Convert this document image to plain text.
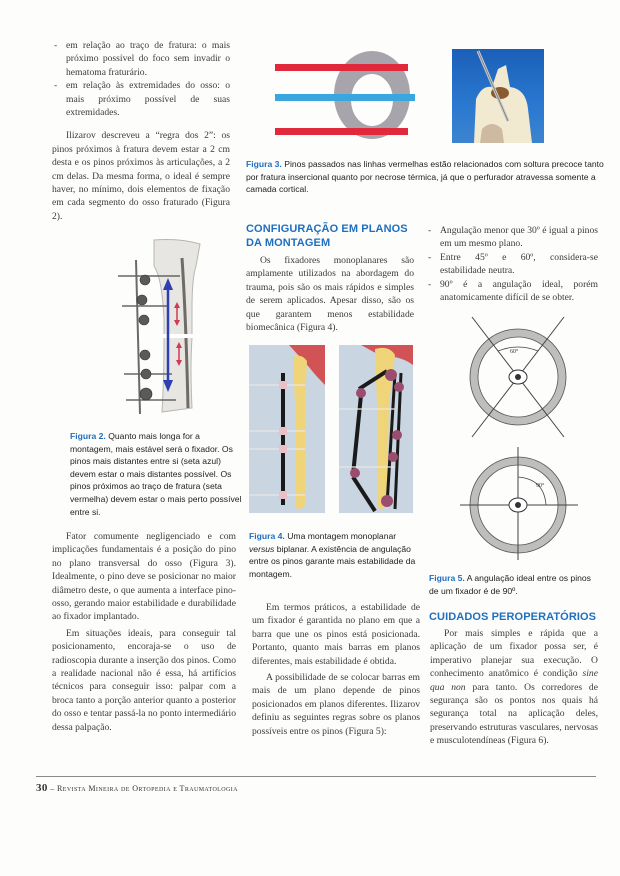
- em relação ao traço de fratura: o mais próximo possível do foco sem invadir o hematoma fraturário.
- em relação às extremidades do osso: o mais próximo possível de suas extremidades.

Ilizarov descreveu a “regra dos 2”: os pinos próximos à fratura devem estar a 2 cm desta e os pinos próximos às articulações, a 2 cm delas. Da mesma forma, o ideal é sempre haver, no mínimo, dois elementos de fixação em cada segmento do osso fraturado (Figura 2).

Figura 2. Quanto mais longa for a montagem, mais estável será o fixador. Os pinos mais distantes entre si (seta azul) devem estar o mais distantes possível. Os pinos próximos ao traço de fratura (seta vermelha) devem estar o mais perto possível entre si.

Fator comumente negligenciado e com implicações fundamentais é a posição do pino no plano transversal do osso (Figura 3). Idealmente, o pino deve se posicionar no maior diâmetro deste, o que aumenta a interface pino-osso, gerando maior estabilidade e durabilidade ao fixador implantado.

Em situações ideais, para conseguir tal posicionamento, encoraja-se o uso de radioscopia durante a inserção dos pinos. Como a realidade nacional não é essa, há artifícios técnicos para conseguir isso: palpar com a broca tanto a porção anterior quanto a posterior do osso e tentar passá-la no ponto intermediário dessa palpação.

Figura 3. Pinos passados nas linhas vermelhas estão relacionados com soltura precoce tanto por fratura insercional quanto por necrose térmica, já que o perfurador atravessa somente a camada cortical.
CONFIGURAÇÃO EM PLANOS DA MONTAGEM

Os fixadores monoplanares são amplamente utilizados na abordagem do trauma, pois são os mais rápidos e simples de serem aplicados. Apesar disso, são os que garantem menos estabilidade biomecânica (Figura 4).

Figura 4. Uma montagem monoplanar versus biplanar. A existência de angulação entre os pinos garante mais estabilidade da montagem.

Em termos práticos, a estabilidade de um fixador é garantida no plano em que a barra que une os pinos está posicionada. Portanto, quanto mais barras em planos diferentes, mais estabilidade é obtida.

A possibilidade de se colocar barras em mais de um plano depende de pinos posicionados em planos diferentes. Ilizarov definiu as seguintes regras sobre os planos possíveis entre os pinos (Figura 5):

- Angulação menor que 30º é igual a pinos em um mesmo plano.
- Entre 45º e 60º, considera-se estabilidade neutra.
- 90º é a angulação ideal, porém anatomicamente difícil de se obter.
60°
90°
Figura 5. A angulação ideal entre os pinos de um fixador é de 90º.
CUIDADOS PEROPERATÓRIOS

Por mais simples e rápida que a aplicação de um fixador possa ser, é imperativo planejar sua execução. O conhecimento anatômico é condição sine qua non para tanto. Os corredores de segurança são os pontos nos quais há segurança total na aplicação deles, preservando estruturas vasculares, nervosas e musculotendíneas (Figura 6).

30 – Revista Mineira de Ortopedia e Traumatologia
